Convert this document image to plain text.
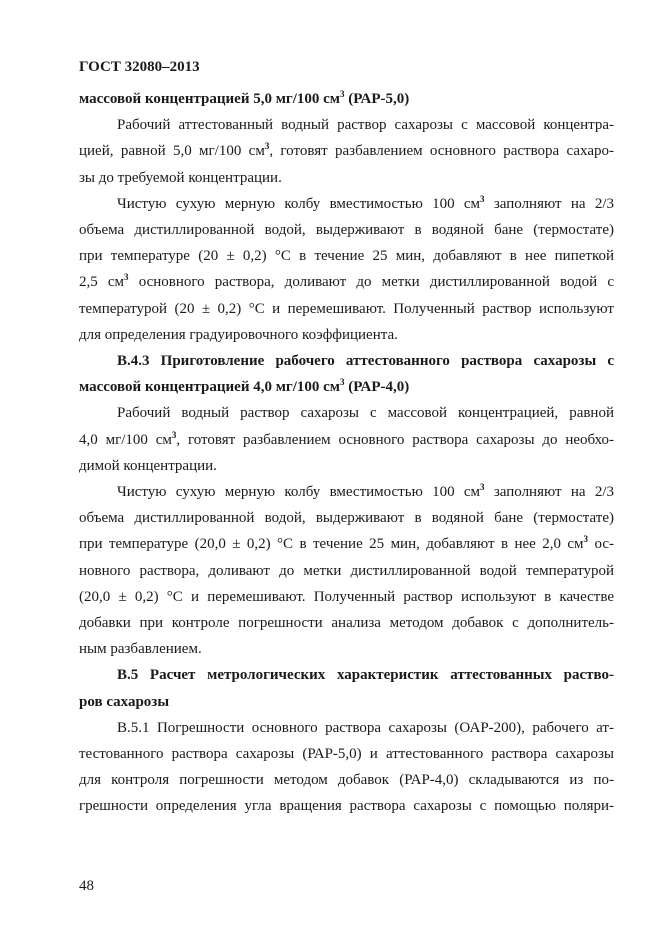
ГОСТ 32080–2013

массовой концентрацией 5,0 мг/100 $см^3$ (РАР-5,0)

Рабочий аттестованный водный раствор сахарозы с массовой концентра-
цией, равной 5,0 мг/100 $см^3$, готовят разбавлением основного раствора сахаро-
зы до требуемой концентрации.

Чистую сухую мерную колбу вместимостью 100 $см^3$ заполняют на 2/3
объема дистиллированной водой, выдерживают в водяной бане (термостате)
при температуре (20 ± 0,2) °С в течение 25 мин, добавляют в нее пипеткой
2,5 $см^3$ основного раствора, доливают до метки дистиллированной водой с
температурой (20 ± 0,2) °С и перемешивают. Полученный раствор используют
для определения градуировочного коэффициента.

В.4.3 Приготовление рабочего аттестованного раствора сахарозы с
массовой концентрацией 4,0 мг/100 $см^3$ (РАР-4,0)

Рабочий водный раствор сахарозы с массовой концентрацией, равной
4,0 мг/100 $см^3$, готовят разбавлением основного раствора сахарозы до необхо-
димой концентрации.

Чистую сухую мерную колбу вместимостью 100 $см^3$ заполняют на 2/3
объема дистиллированной водой, выдерживают в водяной бане (термостате)
при температуре (20,0 ± 0,2) °С в течение 25 мин, добавляют в нее 2,0 $см^3$ ос-
новного раствора, доливают до метки дистиллированной водой температурой
(20,0 ± 0,2) °С и перемешивают. Полученный раствор используют в качестве
добавки при контроле погрешности анализа методом добавок с дополнитель-
ным разбавлением.

В.5 Расчет метрологических характеристик аттестованных раство-
ров сахарозы

В.5.1 Погрешности основного раствора сахарозы (ОАР-200), рабочего ат-
тестованного раствора сахарозы (РАР-5,0) и аттестованного раствора сахарозы
для контроля погрешности методом добавок (РАР-4,0) складываются из по-
грешности определения угла вращения раствора сахарозы с помощью поляри-

48
